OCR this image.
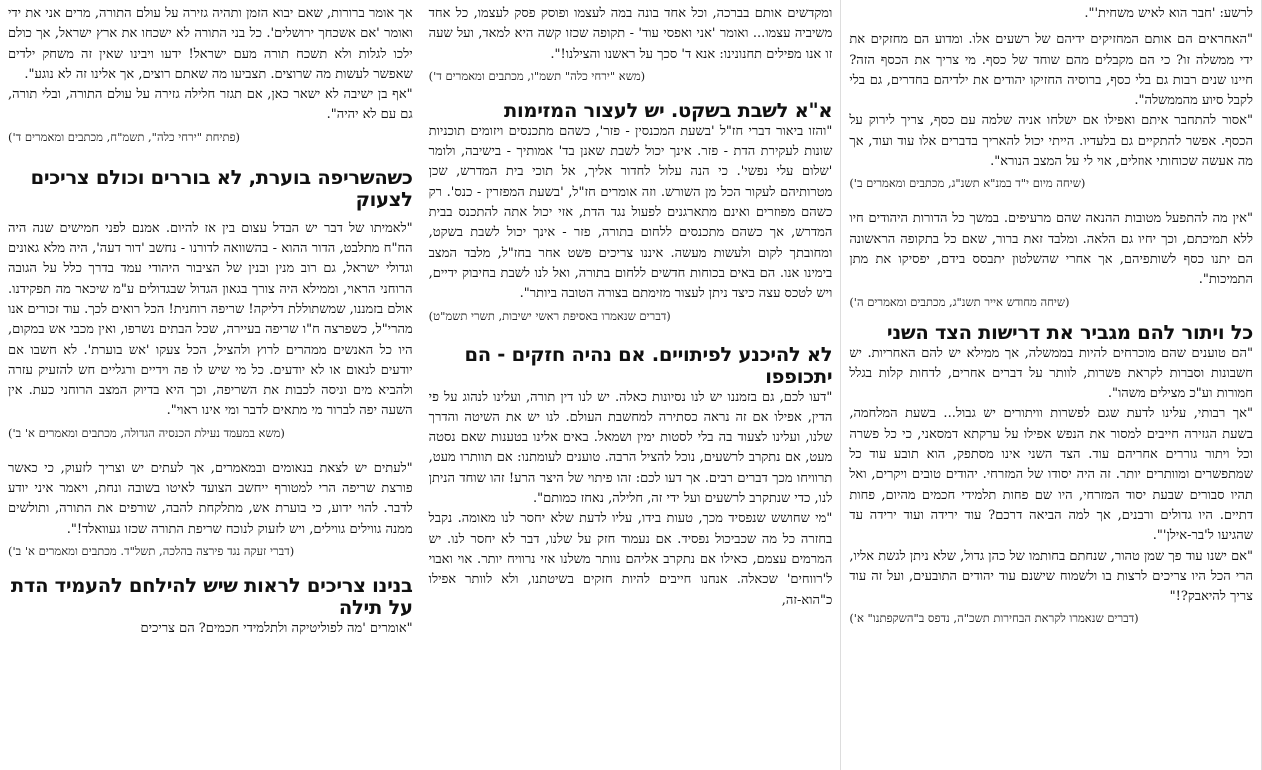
אך אומר ברורות, שאם יבוא הזמן ותהיה גזירה על עולם התורה, מרים אני את ידי ואומר 'אם אשכחך ירושלים'. כל בני התורה לא ישכחו את ארץ ישראל, אך כולם ילכו לגלות ולא תשכח תורה מעם ישראל! ידעו ויבינו שאין זה משחק ילדים שאפשר לעשות מה שרוצים. תצביעו מה שאתם רוצים, אך אלינו זה לא נוגע".

"אף בן ישיבה לא ישאר כאן, אם תגזר חלילה גזירה על עולם התורה, ובלי תורה, גם עם לא יהיה".

(פתיחת "ירחי כלה", תשמ"ח, מכתבים ומאמרים ד')

כשהשריפה בוערת, לא בוררים וכולם צריכים לצעוק

"לאמיתו של דבר יש הבדל עצום בין אז להיום. אמנם לפני חמישים שנה היה הח"ח מתלבט, הדור ההוא - בהשוואה לדורנו - נחשב 'דור דעה', היה מלא גאונים וגדולי ישראל, גם רוב מנין ובנין של הציבור היהודי עמד בדרך כלל על הגובה הרוחני הראוי, וממילא היה צורך בגאון הגדול שבגדולים ע"מ שיכאר מה תפקידנו. אולם בזמננו, שמשתוללת דליקה! שריפה רוחנית! הכל רואים לכך. עוד זכורים אנו מהרי"ל, כשפרצה ח"ו שריפה בעיירה, שכל הבתים נשרפו, ואין מכבי אש במקום, היו כל האנשים ממהרים לרוץ ולהציל, הכל צעקו 'אש בוערת'. לא חשבו אם יודעים לנאום או לא יודעים. כל מי שיש לו פה וידיים ורגליים חש להזעיק עזרה ולהביא מים וניסה לכבות את השריפה, וכך היא בדיוק המצב הרוחני כעת. אין השעה יפה לברור מי מתאים לדבר ומי אינו ראוי".

(משא במעמד נעילת הכנסיה הגדולה, מכתבים ומאמרים א' ב')

"לעתים יש לצאת בנאומים ובמאמרים, אך לעתים יש וצריך לזעוק, כי כאשר פורצת שריפה הרי למטורף ייחשב הצועד לאיטו בשובה ונחת, ויאמר איני יודע לדבר. להוי ידוע, כי בוערת אש, מתלקחת להבה, שורפים את התורה, ותולשים ממנה גווילים גווילים, ויש לזעוק לנוכח שריפת התורה שכזו געוואלד!".

(דברי זעקה נגד פירצה בהלכה, תשל"ד. מכתבים ומאמרים א' ב')

בנינו צריכים לראות שיש להילחם להעמיד הדת על תילה

"אומרים 'מה לפוליטיקה ולתלמידי חכמים? הם צריכים

ומקדשים אותם בברכה, וכל אחד בונה במה לעצמו ופוסק פסק לעצמו, כל אחד משיביה עצמו... ואומר 'אני ואפסי עוד' - תקופה שכזו קשה היא למאד, ועל שעה זו אנו מפילים תחנונינו: אנא ד' סכך על ראשנו והצילנו!".

(משא "ירחי כלה" תשמ"ו, מכתבים ומאמרים ד')

א"א לשבת בשקט. יש לעצור המזימות

"והזו ביאור דברי חז"ל 'בשעת המכנסין - פזר', כשהם מתכנסים ויזומים תוכניות שונות לעקירת הדת - פזר. אינך יכול לשבת שאנן בד' אמותיך - בישיבה, ולומר 'שלום עלי נפשי'. כי הנה עלול לחדור אליך, אל תוכי בית המדרש, שכן מטרותיהם לעקור הכל מן השורש. וזה אומרים חז"ל, 'בשעת המפזרין - כנס'. רק כשהם מפוזרים ואינם מתארגנים לפעול נגד הדת, אזי יכול אתה להתכנס בבית המדרש, אך כשהם מתכנסים ללחום בתורה, פזר - אינך יכול לשבת בשקט, ומחובתך לקום ולעשות מעשה. איננו צריכים פשט אחר בחז"ל, מלבד המצב בימינו אנו. הם באים בכוחות חדשים ללחום בתורה, ואל לנו לשבת בחיבוק ידיים, ויש לטכס עצה כיצד ניתן לעצור מזימתם בצורה הטובה ביותר".

(דברים שנאמרו באסיפת ראשי ישיבות, תשרי תשמ"ט)

לא להיכנע לפיתויים. אם נהיה חזקים - הם יתכופפו

"דעו לכם, גם בזמננו יש לנו נסיונות כאלה. יש לנו דין תורה, ועלינו לנהוג על פי הדין, אפילו אם זה נראה כסתירה למחשבת העולם. לנו יש את השיטה והדרך שלנו, ועלינו לצעוד בה בלי לסטות ימין ושמאל. באים אלינו בטענות שאם נסטה מעט, אם נתקרב לרשעים, נוכל להציל הרבה. טוענים לעומתנו: אם תוותרו מעט, תרוויחו מכך דברים רבים. אך דעו לכם: זהו פיתוי של היצר הרע! זהו שוחד הניתן לנו, כדי שנתקרב לרשעים ועל ידי זה, חלילה, נאחז כמותם".

"מי שחושש שנפסיד מכך, טעות בידו, עליו לדעת שלא יחסר לנו מאומה. נקבל בחזרה כל מה שכביכול נפסיד. אם נעמוד חזק על שלנו, דבר לא יחסר לנו. יש המרמים עצמם, כאילו אם נתקרב אליהם נוותר משלנו אזי נרוויח יותר. אוי ואבוי ל'רווחים' שכאלה. אנחנו חייבים להיות חזקים בשיטתנו, ולא לוותר אפילו כ"הוא-זה,

לרשע: 'חבר הוא לאיש משחית'".

"האחראים הם אותם המחזיקים ידיהם של רשעים אלו. ומדוע הם מחזקים את ידי ממשלה זו? כי הם מקבלים מהם שוחד של כסף. מי צריך את הכסף הזה? חיינו שנים רבות גם בלי כסף, ברוסיה החזיקו יהודים את ילדיהם בחדרים, גם בלי לקבל סיוע מהממשלה".

"אסור להתחבר איתם ואפילו אם ישלחו אניה שלמה עם כסף, צריך לירוק על הכסף. אפשר להתקיים גם בלעדיו. הייתי יכול להאריך בדברים אלו עוד ועוד, אך מה אעשה שכוחותי אוזלים, אוי לי על המצב הנורא".

(שיחה מיום י"ד במנ"א תשנ"ג, מכתבים ומאמרים ב')

"אין מה להתפעל מטובות ההנאה שהם מרעיפים. במשך כל הדורות היהודים חיו ללא תמיכתם, וכך יחיו גם הלאה. ומלבד זאת ברור, שאם כל בתקופה הראשונה הם יתנו כסף לשותפיהם, אך אחרי שהשלטון יתבסס בידם, יפסיקו את מתן התמיכות".

(שיחה מחודש אייר תשנ"ג, מכתבים ומאמרים ה')

כל ויתור להם מגביר את דרישות הצד השני

"הם טוענים שהם מוכרחים להיות בממשלה, אך ממילא יש להם האחריות. יש חשבונות וסברות לקראת פשרות, לוותר על דברים אחרים, לדחות קלות בגלל חמורות וע"כ מצילים משהו".

"אך רבותי, עלינו לדעת שגם לפשרות וויתורים יש גבול... בשעת המלחמה, בשעת הגזירה חייבים למסור את הנפש אפילו על ערקתא דמסאני, כי כל פשרה וכל ויתור גוררים אחריהם עוד. הצד השני אינו מסתפק, הוא תובע עוד כל שמתפשרים ומוותרים יותר. זה היה יסודו של המזרחי. יהודים טובים ויקרים, ואל תהיו סבורים שבעת יסוד המזרחי, היו שם פחות תלמידי חכמים מהיום, פחות דתיים. היו גדולים ורבנים, אך למה הביאה דרכם? עוד ירידה ועוד ירידה עד שהגיעו ל'בר-אילן'".

"אם ישנו עוד פך שמן טהור, שנחתם בחותמו של כהן גדול, שלא ניתן לגשת אליו, הרי הכל היו צריכים לרצות בו ולשמוח שישנם עוד יהודים התובעים, ועל זה עוד צריך להיאבק?!"

(דברים שנאמרו לקראת הבחירות תשכ"ה, נדפס ב"השקפתנו" א')
